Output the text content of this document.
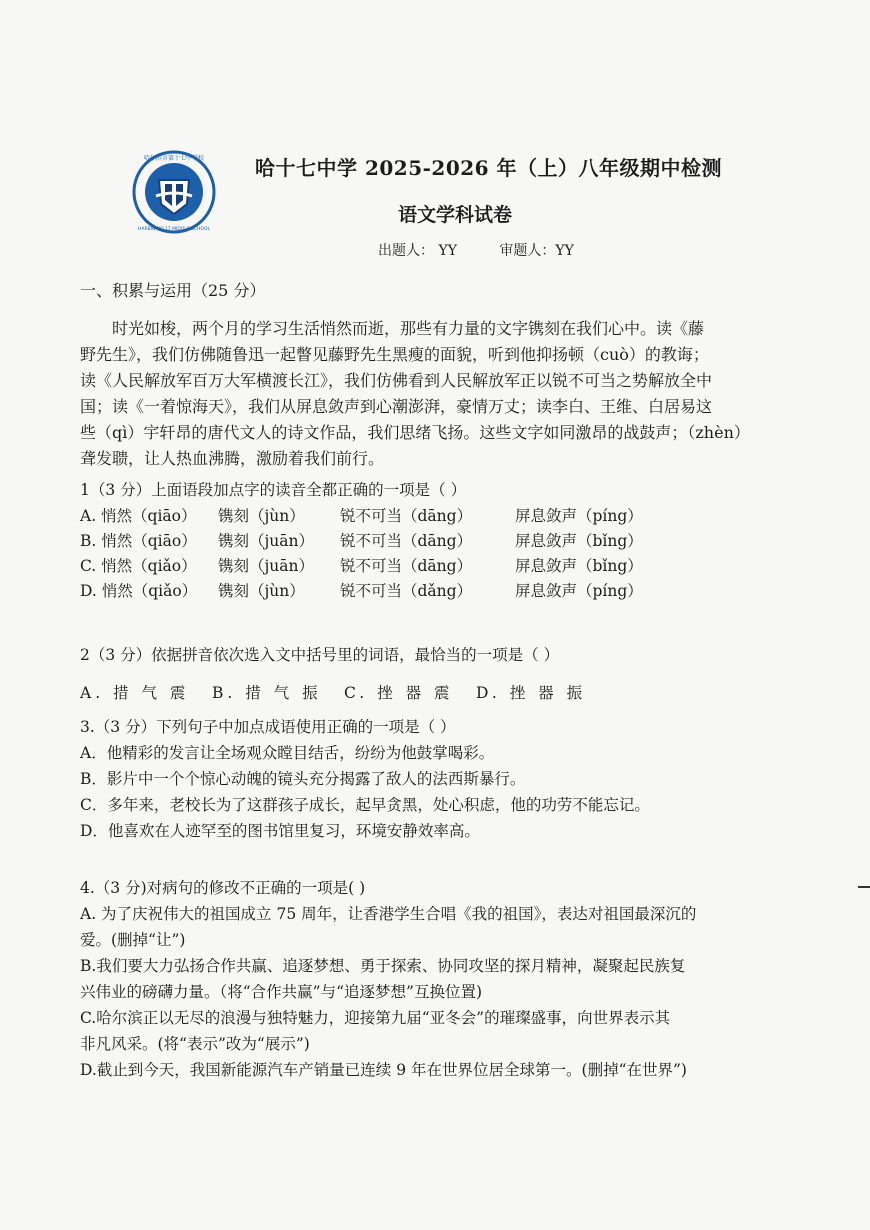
哈尔滨市第十七中学校
HARBIN NO.17 MIDDLE SCHOOL
哈十七中学 2025-2026 年（上）八年级期中检测
语文学科试卷
出题人： YY	审题人：YY
一、积累与运用（25 分）
时光如梭，两个月的学习生活悄然而逝，那些有力量的文字镌刻在我们心中。读《藤
野先生》，我们仿佛随鲁迅一起瞥见藤野先生黑瘦的面貌，听到他抑扬顿（cuò）的教诲；
读《人民解放军百万大军横渡长江》，我们仿佛看到人民解放军正以锐不可当之势解放全中
国；读《一着惊海天》，我们从屏息敛声到心潮澎湃，豪情万丈；读李白、王维、白居易这
些（qì）宇轩昂的唐代文人的诗文作品，我们思绪飞扬。这些文字如同激昂的战鼓声；（zhèn）
聋发聩，让人热血沸腾，激励着我们前行。
1（3 分）上面语段加点字的读音全都正确的一项是（ ）
A. 悄然（qiāo） 镌刻（jùn） 锐不可当（dāng）	屏息敛声（píng）
B. 悄然（qiāo） 镌刻（juān） 锐不可当（dāng）	屏息敛声（bǐng）
C. 悄然（qiǎo） 镌刻（juān） 锐不可当（dāng）	屏息敛声（bǐng）
D. 悄然（qiǎo） 镌刻（jùn） 锐不可当（dǎng）	屏息敛声（píng）
2（3 分）依据拼音依次选入文中括号里的词语，最恰当的一项是（ ）
A. 措 气 震 B. 措 气 振 C. 挫 器 震 D. 挫 器 振
3.（3 分）下列句子中加点成语使用正确的一项是（ ）
A．他精彩的发言让全场观众瞠目结舌，纷纷为他鼓掌喝彩。
B．影片中一个个惊心动魄的镜头充分揭露了敌人的法西斯暴行。
C．多年来，老校长为了这群孩子成长，起早贪黑，处心积虑，他的功劳不能忘记。
D．他喜欢在人迹罕至的图书馆里复习，环境安静效率高。
4.（3 分)对病句的修改不正确的一项是( )
A. 为了庆祝伟大的祖国成立 75 周年，让香港学生合唱《我的祖国》，表达对祖国最深沉的
爱。(删掉“让”)
B.我们要大力弘扬合作共赢、追逐梦想、勇于探索、协同攻坚的探月精神，凝聚起民族复
兴伟业的磅礴力量。（将“合作共赢”与“追逐梦想”互换位置)
C.哈尔滨正以无尽的浪漫与独特魅力，迎接第九届“亚冬会”的璀璨盛事，向世界表示其
非凡风采。(将“表示”改为“展示”)
D.截止到今天，我国新能源汽车产销量已连续 9 年在世界位居全球第一。(删掉“在世界”)
